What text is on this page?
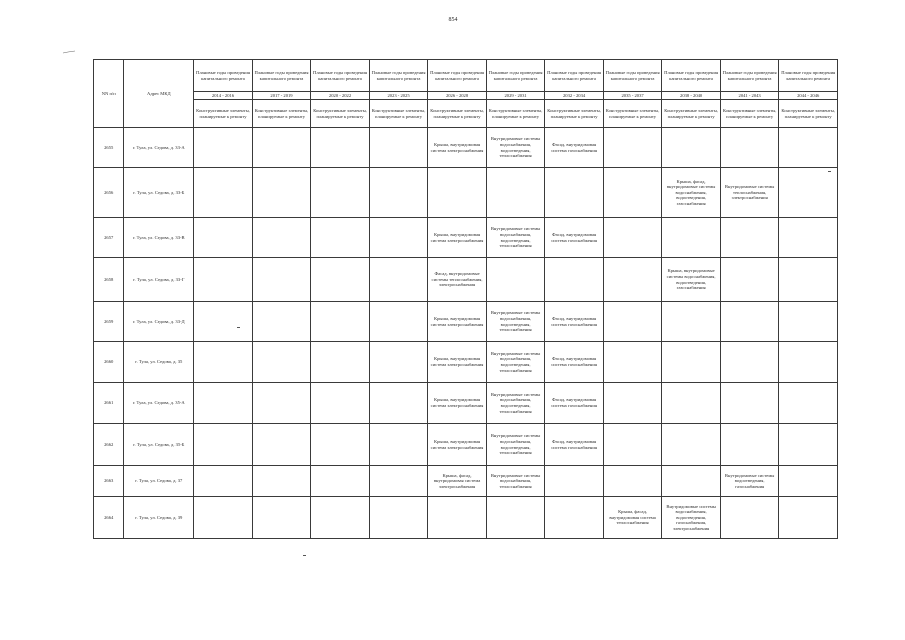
854
NN п/п	Адрес МКД	Плановые годы проведения капитального ремонта	Плановые годы проведения капитального ремонта	Плановые годы проведения капитального ремонта	Плановые годы проведения капитального ремонта	Плановые годы проведения капитального ремонта	Плановые годы проведения капитального ремонта	Плановые годы проведения капитального ремонта	Плановые годы проведения капитального ремонта	Плановые годы проведения капитального ремонта	Плановые годы проведения капитального ремонта	Плановые годы проведения капитального ремонта
		2014 - 2016	2017 - 2019	2020 - 2022	2023 - 2025	2026 - 2028	2029 - 2031	2032 - 2034	2035 - 2037	2038 - 2040	2041 - 2043	2044 - 2046
		Конструктивные элементы, планируемые к ремонту	Конструктивные элементы, планируемые к ремонту	Конструктивные элементы, планируемые к ремонту	Конструктивные элементы, планируемые к ремонту	Конструктивные элементы, планируемые к ремонту	Конструктивные элементы, планируемые к ремонту	Конструктивные элементы, планируемые к ремонту	Конструктивные элементы, планируемые к ремонту	Конструктивные элементы, планируемые к ремонту	Конструктивные элементы, планируемые к ремонту	Конструктивные элементы, планируемые к ремонту
2655	г. Тула, ул. Седова, д. 33-А					Крыша, внутридомовая система электроснабжения	Внутридомовые системы водоснабжения, водоотведения, теплоснабжения	Фасад, внутридомовая система газоснабжения				
2656	г. Тула, ул. Седова, д. 33-Б									Крыша, фасад, внутридомовые системы водоснабжения, водоотведения, газоснабжения	Внутридомовые системы теплоснабжения, электроснабжения	
2657	г. Тула, ул. Седова, д. 33-В					Крыша, внутридомовая система электроснабжения	Внутридомовые системы водоснабжения, водоотведения, теплоснабжения	Фасад, внутридомовая система газоснабжения				
2658	г. Тула, ул. Седова, д. 33-Г					Фасад, внутридомовые системы теплоснабжения, электроснабжения				Крыша, внутридомовые системы водоснабжения, водоотведения, газоснабжения		
2659	г. Тула, ул. Седова, д. 33-Д					Крыша, внутридомовая система электроснабжения	Внутридомовые системы водоснабжения, водоотведения, теплоснабжения	Фасад, внутридомовая система газоснабжения				
2660	г. Тула, ул. Седова, д. 35					Крыша, внутридомовая система электроснабжения	Внутридомовые системы водоснабжения, водоотведения, теплоснабжения	Фасад, внутридомовая система газоснабжения				
2661	г. Тула, ул. Седова, д. 35-А					Крыша, внутридомовая система электроснабжения	Внутридомовые системы водоснабжения, водоотведения, теплоснабжения	Фасад, внутридомовая система газоснабжения				
2662	г. Тула, ул. Седова, д. 35-Б					Крыша, внутридомовая система электроснабжения	Внутридомовые системы водоснабжения, водоотведения, теплоснабжения	Фасад, внутридомовая система газоснабжения				
2663	г. Тула, ул. Седова, д. 37					Крыша, фасад, внутридомовая система электроснабжения	Внутридомовые системы водоснабжения, теплоснабжения				Внутридомовые системы водоотведения, газоснабжения	
2664	г. Тула, ул. Седова, д. 39								Крыша, фасад, внутридомовая система теплоснабжения	Внутридомовые системы водоснабжения, водоотведения, газоснабжения, электроснабжения		
